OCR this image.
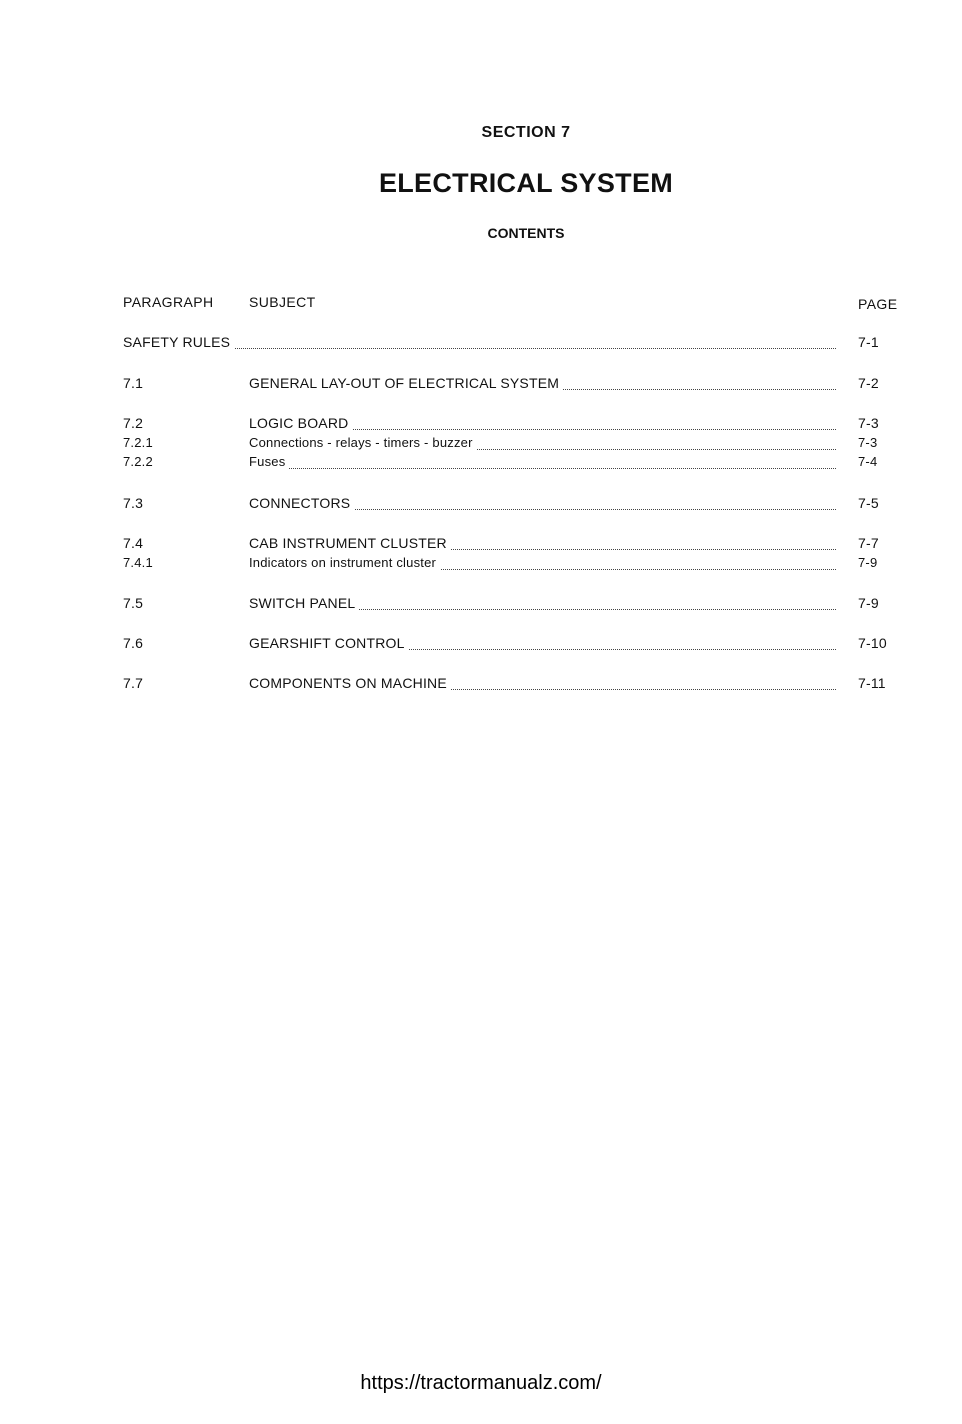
SECTION 7
ELECTRICAL SYSTEM
CONTENTS
PARAGRAPH	SUBJECT	PAGE
SAFETY RULES	7-1
7.1	GENERAL LAY-OUT OF ELECTRICAL SYSTEM	7-2
7.2	LOGIC BOARD	7-3
7.2.1	Connections - relays - timers - buzzer	7-3
7.2.2	Fuses	7-4
7.3	CONNECTORS	7-5
7.4	CAB INSTRUMENT CLUSTER	7-7
7.4.1	Indicators on instrument cluster	7-9
7.5	SWITCH PANEL	7-9
7.6	GEARSHIFT CONTROL	7-10
7.7	COMPONENTS ON MACHINE	7-11
https://tractormanualz.com/
